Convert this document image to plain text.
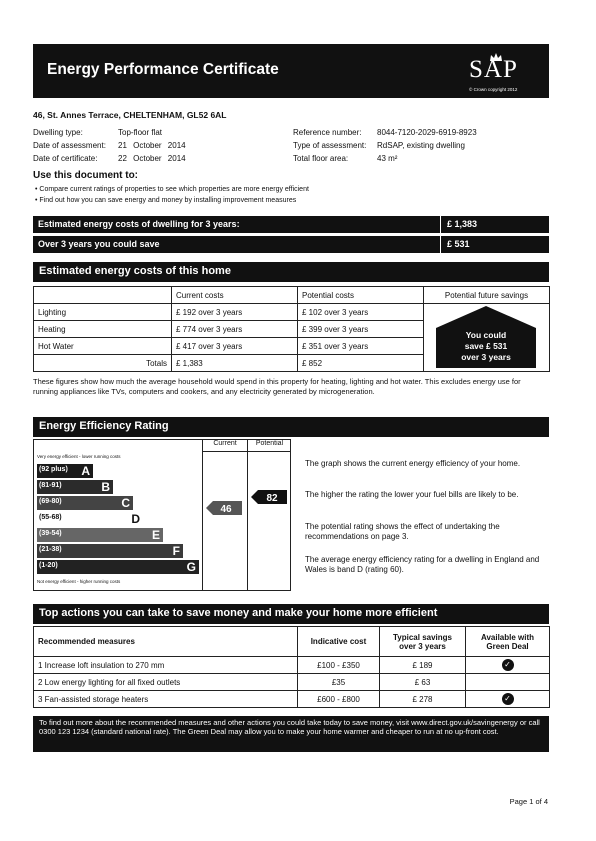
Energy Performance Certificate	SAP
© Crown copyright 2012
46, St. Annes Terrace, CHELTENHAM, GL52 6AL
Dwelling type:	Top-floor flat
Date of assessment: 21 October 2014
Date of certificate:	22 October 2014
Reference number: 8044-7120-2029-6919-8923
Type of assessment: RdSAP, existing dwelling
Total floor area:	43 m²
Use this document to:
• Compare current ratings of properties to see which properties are more energy efficient
• Find out how you can save energy and money by installing improvement measures
Estimated energy costs of dwelling for 3 years:	£ 1,383
Over 3 years you could save	£ 531
Estimated energy costs of this home
	Current costs	Potential costs	Potential future savings
Lighting	£ 192 over 3 years	£ 102 over 3 years	
Heating	£ 774 over 3 years	£ 399 over 3 years	
Hot Water	£ 417 over 3 years	£ 351 over 3 years	
Totals	£ 1,383	£ 852	
You could
save £ 531
over 3 years
These figures show how much the average household would spend in this property for heating, lighting and hot water. This excludes energy use for running appliances like TVs, computers and cookers, and any electricity generated by microgeneration.
Energy Efficiency Rating
Very energy efficient - lower running costs
(92 plus) A
(81-91)	B
(69-80)	C
(55-68)	D
(39-54)	E
(21-38)	F
(1-20)	G
Not energy efficient - higher running costs
Current	Potential
46
82
The graph shows the current energy efficiency of your home.
The higher the rating the lower your fuel bills are likely to be.
The potential rating shows the effect of undertaking the recommendations on page 3.
The average energy efficiency rating for a dwelling in England and Wales is band D (rating 60).
Top actions you can take to save money and make your home more efficient
Recommended measures	Indicative cost	Typical savings over 3 years	Available with Green Deal
1 Increase loft insulation to 270 mm	£100 - £350	£ 189	✓
2 Low energy lighting for all fixed outlets	£35	£ 63	
3 Fan-assisted storage heaters	£600 - £800	£ 278	✓
To find out more about the recommended measures and other actions you could take today to save money, visit www.direct.gov.uk/savingenergy or call 0300 123 1234 (standard national rate). The Green Deal may allow you to make your home warmer and cheaper to run at no up-front cost.
Page 1 of 4
